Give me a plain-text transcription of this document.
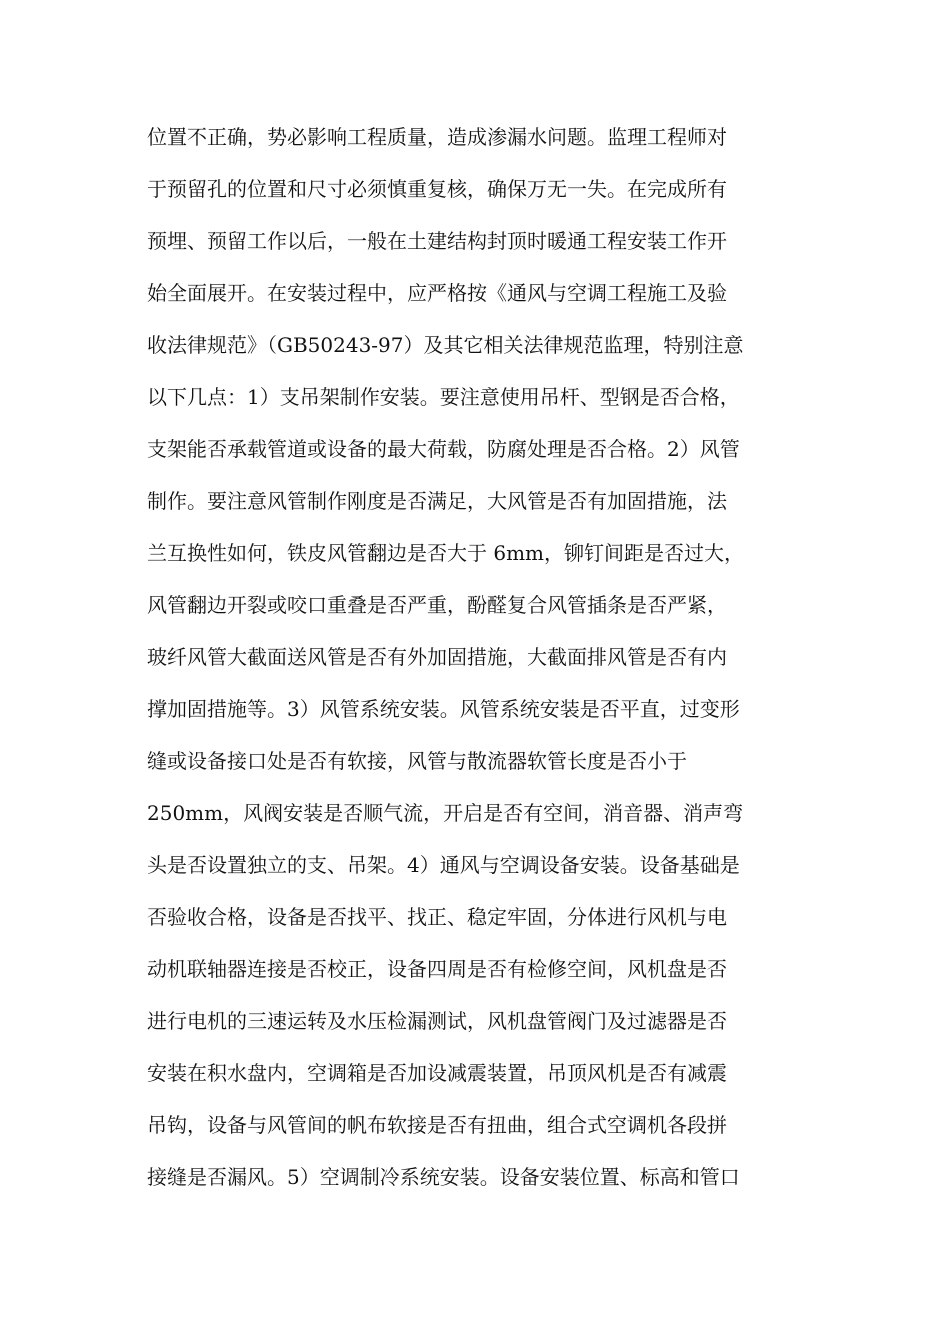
位置不正确，势必影响工程质量，造成渗漏水问题。监理工程师对
于预留孔的位置和尺寸必须慎重复核，确保万无一失。在完成所有
预埋、预留工作以后，一般在土建结构封顶时暖通工程安装工作开
始全面展开。在安装过程中，应严格按《通风与空调工程施工及验
收法律规范》（GB50243-97）及其它相关法律规范监理，特别注意
以下几点：1）支吊架制作安装。要注意使用吊杆、型钢是否合格，
支架能否承载管道或设备的最大荷载，防腐处理是否合格。2）风管
制作。要注意风管制作刚度是否满足，大风管是否有加固措施，法
兰互换性如何，铁皮风管翻边是否大于 6mm，铆钉间距是否过大，
风管翻边开裂或咬口重叠是否严重，酚醛复合风管插条是否严紧，
玻纤风管大截面送风管是否有外加固措施，大截面排风管是否有内
撑加固措施等。3）风管系统安装。风管系统安装是否平直，过变形
缝或设备接口处是否有软接，风管与散流器软管长度是否小于
250mm，风阀安装是否顺气流，开启是否有空间，消音器、消声弯
头是否设置独立的支、吊架。4）通风与空调设备安装。设备基础是
否验收合格，设备是否找平、找正、稳定牢固，分体进行风机与电
动机联轴器连接是否校正，设备四周是否有检修空间，风机盘是否
进行电机的三速运转及水压检漏测试，风机盘管阀门及过滤器是否
安装在积水盘内，空调箱是否加设减震装置，吊顶风机是否有减震
吊钩，设备与风管间的帆布软接是否有扭曲，组合式空调机各段拼
接缝是否漏风。5）空调制冷系统安装。设备安装位置、标高和管口
